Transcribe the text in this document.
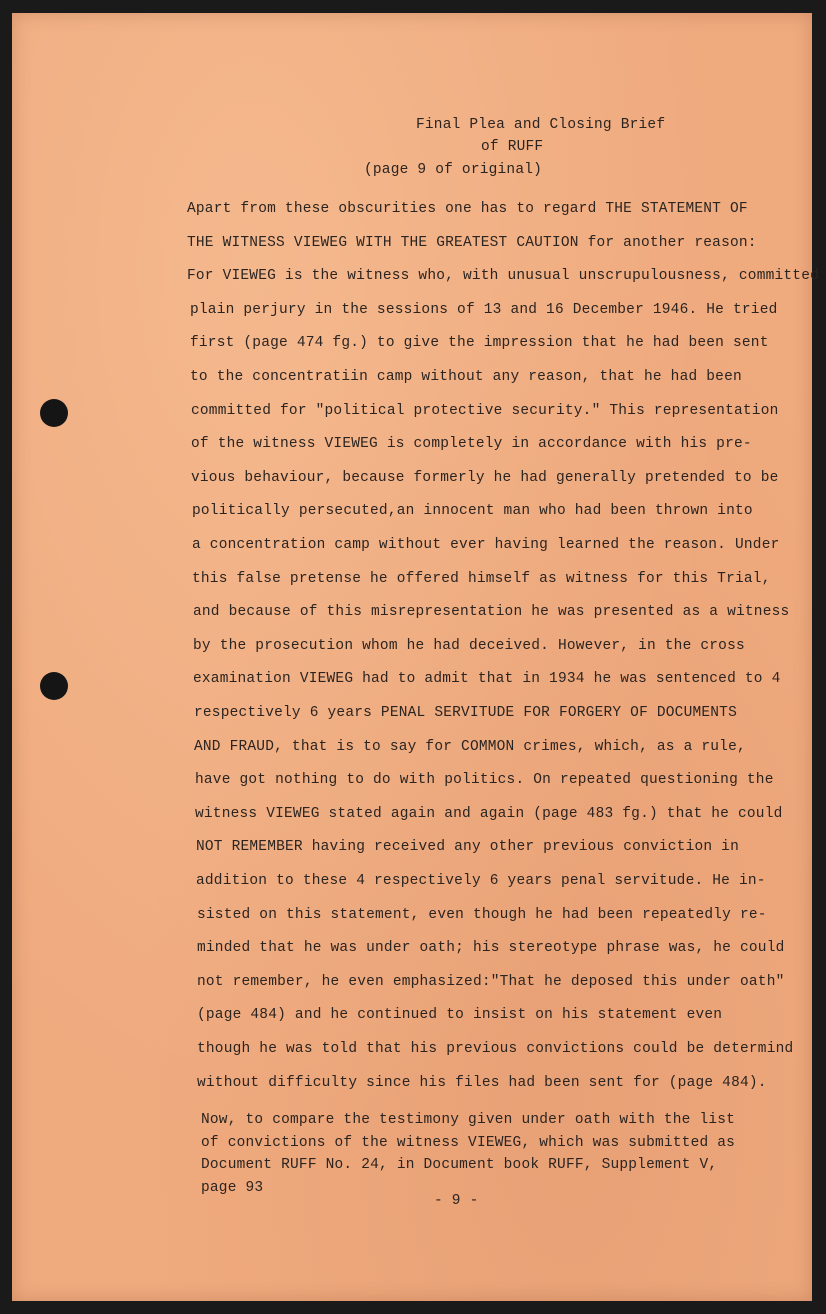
Final Plea and Closing Brief
of RUFF
(page 9 of original)
Apart from these obscurities one has to regard THE STATEMENT OF
THE WITNESS VIEWEG WITH THE GREATEST CAUTION for another reason:
For VIEWEG is the witness who, with unusual unscrupulousness, committed
plain perjury in the sessions of 13 and 16 December 1946. He tried
first (page 474 fg.) to give the impression that he had been sent
to the concentratiin camp without any reason, that he had been
committed for "political protective security." This representation
of the witness VIEWEG is completely in accordance with his pre-
vious behaviour, because formerly he had generally pretended to be
politically persecuted,an innocent man who had been thrown into
a concentration camp without ever having learned the reason. Under
this false pretense he offered himself as witness for this Trial,
and because of this misrepresentation he was presented as a witness
by the prosecution whom he had deceived. However, in the cross
examination VIEWEG had to admit that in 1934 he was sentenced to 4
respectively 6 years PENAL SERVITUDE FOR FORGERY OF DOCUMENTS
AND FRAUD, that is to say for COMMON crimes, which, as a rule,
have got nothing to do with politics. On repeated questioning the
witness VIEWEG stated again and again (page 483 fg.) that he could
NOT REMEMBER having received any other previous conviction in
addition to these 4 respectively 6 years penal servitude. He in-
sisted on this statement, even though he had been repeatedly re-
minded that he was under oath; his stereotype phrase was, he could
not remember, he even emphasized:"That he deposed this under oath"
(page 484) and he continued to insist on his statement even
though he was told that his previous convictions could be determind
without difficulty since his files had been sent for (page 484).
Now, to compare the testimony given under oath with the list
of convictions of the witness VIEWEG, which was submitted as
Document RUFF No. 24, in Document book RUFF, Supplement V,
page 93
- 9 -
